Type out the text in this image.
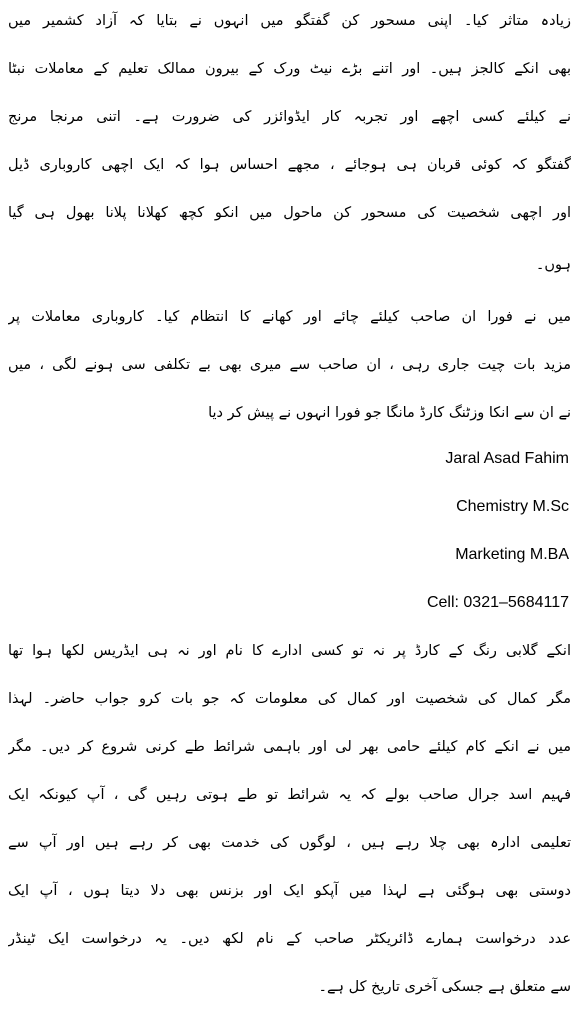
زیادہ متاثر کیا۔ اپنی مسحور کن گفتگو میں انہوں نے بتایا کہ آزاد کشمیر میں
بھی انکے کالجز ہیں۔ اور اتنے بڑے نیٹ ورک کے بیرون ممالک تعلیم کے معاملات نبٹا
نے کیلئے کسی اچھے اور تجربہ کار ایڈوائزر کی ضرورت ہے۔ اتنی مرنجا مرنج
گفتگو کہ کوئی قربان ہی ہوجائے ، مجھے احساس ہوا کہ ایک اچھی کاروباری ڈیل
اور اچھی شخصیت کی مسحور کن ماحول میں انکو کچھ کھلانا پلانا بھول ہی گیا
ہوں۔
میں نے فورا ان صاحب کیلئے چائے اور کھانے کا انتظام کیا۔ کاروباری معاملات پر
مزید بات چیت جاری رہی ، ان صاحب سے میری بھی بے تکلفی سی ہونے لگی ، میں
نے ان سے انکا وزٹنگ کارڈ مانگا جو فورا انہوں نے پیش کر دیا
Jaral Asad Fahim
Chemistry M.Sc
Marketing M.BA
Cell: 0321–5684117
انکے گلابی رنگ کے کارڈ پر نہ تو کسی ادارے کا نام اور نہ ہی ایڈریس لکھا ہوا تھا
مگر کمال کی شخصیت اور کمال کی معلومات کہ جو بات کرو جواب حاضر۔ لہذا
میں نے انکے کام کیلئے حامی بھر لی اور باہمی شرائط طے کرنی شروع کر دیں۔ مگر
فہیم اسد جرال صاحب بولے کہ یہ شرائط تو طے ہوتی رہیں گی ، آپ کیونکہ ایک
تعلیمی ادارہ بھی چلا رہے ہیں ، لوگوں کی خدمت بھی کر رہے ہیں اور آپ سے
دوستی بھی ہوگئی ہے لہذا میں آپکو ایک اور بزنس بھی دلا دیتا ہوں ، آپ ایک
عدد درخواست ہمارے ڈائریکٹر صاحب کے نام لکھ دیں۔ یہ درخواست ایک ٹینڈر
سے متعلق ہے جسکی آخری تاریخ کل ہے۔
